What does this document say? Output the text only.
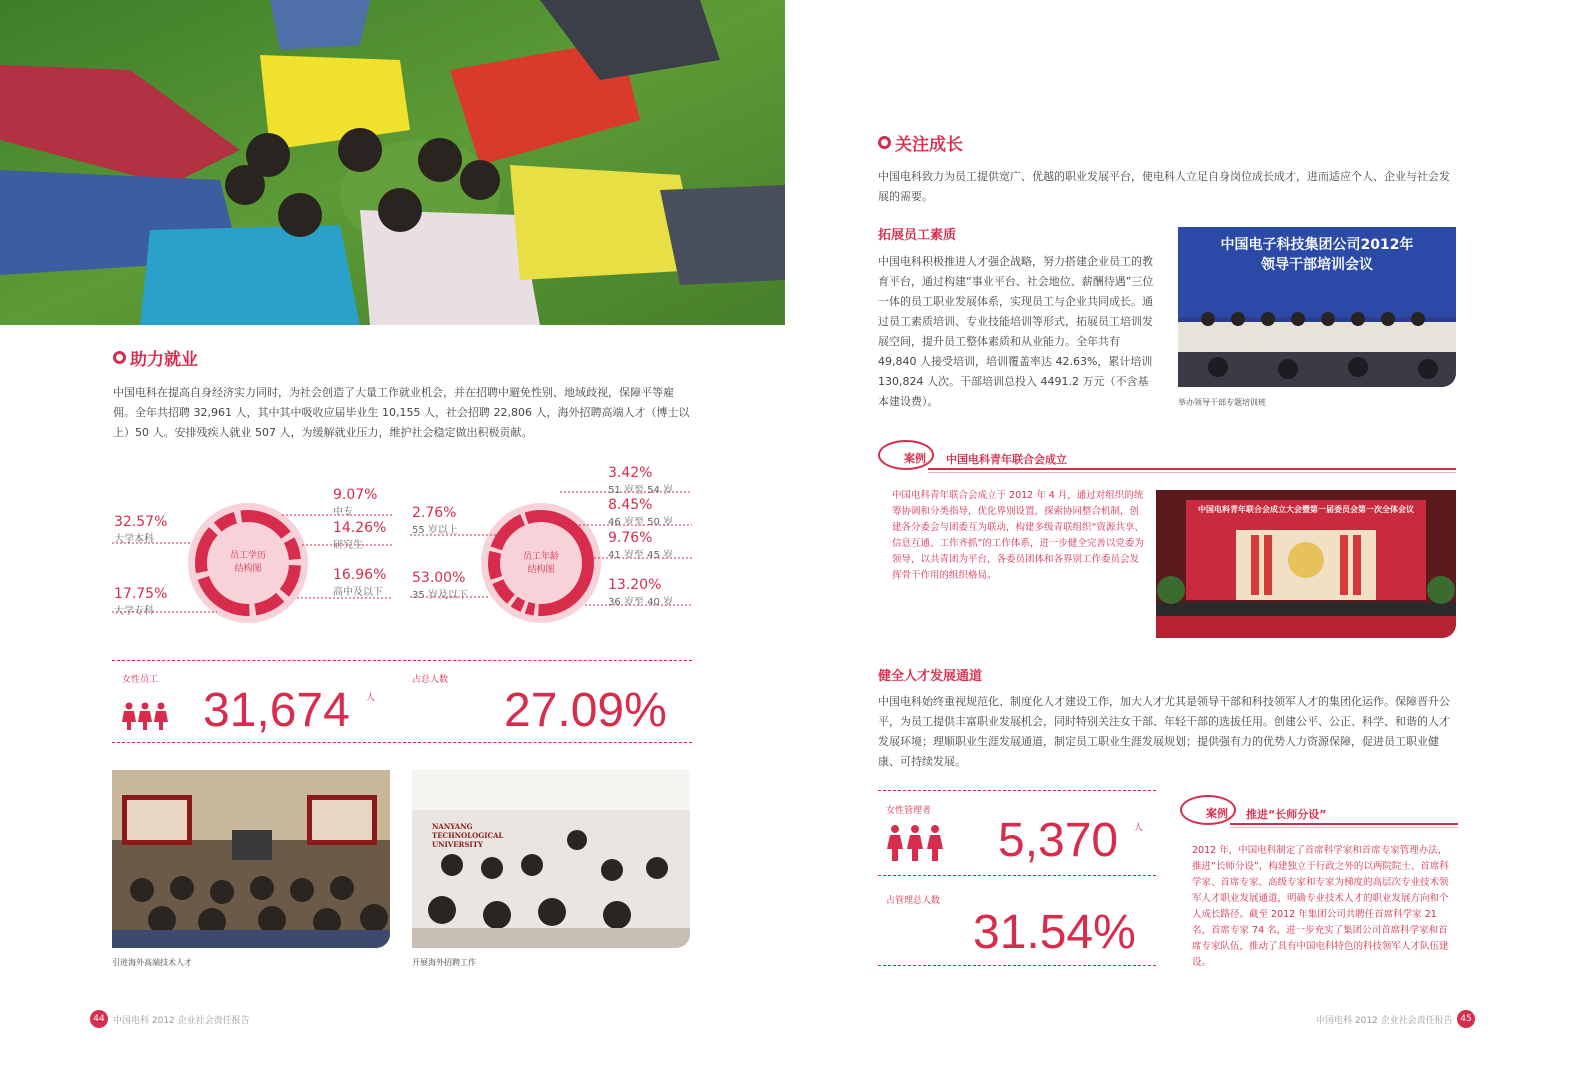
助力就业
中国电科在提高自身经济实力同时，为社会创造了大量工作就业机会，并在招聘中避免性别、地域歧视，保障平等雇佣。全年共招聘 32,961 人，其中其中吸收应届毕业生 10,155 人，社会招聘 22,806 人，海外招聘高端人才（博士以上）50 人。安排残疾人就业 507 人，为缓解就业压力，维护社会稳定做出积极贡献。
员工学历
结构图
32.57%
大学本科
17.75%
大学专科
9.07%
中专
14.26%
研究生
16.96%
高中及以下
员工年龄
结构图
2.76%
55 岁以上
53.00%
35 岁及以下
3.42%
51 岁至 54 岁
8.45%
46 岁至 50 岁
9.76%
41 岁至 45 岁
13.20%
36 岁至 40 岁
女性员工
31,674 人
占总人数
27.09%
引进海外高端技术人才
NANYANG TECHNOLOGICAL UNIVERSITY
开展海外招聘工作
44 中国电科 2012 企业社会责任报告
关注成长
中国电科致力为员工提供宽广、优越的职业发展平台，使电科人立足自身岗位成长成才，进而适应个人、企业与社会发展的需要。
拓展员工素质
中国电科积极推进人才强企战略，努力搭建企业员工的教育平台，通过构建“事业平台、社会地位、薪酬待遇”三位一体的员工职业发展体系，实现员工与企业共同成长。通过员工素质培训、专业技能培训等形式，拓展员工培训发展空间，提升员工整体素质和从业能力。全年共有 49,840 人接受培训，培训覆盖率达 42.63%，累计培训 130,824 人次。干部培训总投入 4491.2 万元（不含基本建设费）。
中国电子科技集团公司2012年
领导干部培训会议
举办领导干部专题培训班
案例 中国电科青年联合会成立
中国电科青年联合会成立于 2012 年 4 月，通过对组织的统筹协调和分类指导，优化界别设置，探索协同整合机制，创建各分委会与团委互为联动，构建多级青联组织“资源共享、信息互通、工作齐抓”的工作体系，进一步健全完善以党委为领导，以共青团为平台，各委员团体和各界别工作委员会发挥骨干作用的组织格局。
中国电科青年联合会成立大会暨第一届委员会第一次全体会议
健全人才发展通道
中国电科始终重视规范化、制度化人才建设工作，加大人才尤其是领导干部和科技领军人才的集团化运作。保障晋升公平，为员工提供丰富职业发展机会，同时特别关注女干部、年轻干部的选拔任用。创建公平、公正、科学、和谐的人才发展环境；理顺职业生涯发展通道，制定员工职业生涯发展规划；提供强有力的优势人力资源保障，促进员工职业健康、可持续发展。
女性管理者
5,370 人
占管理总人数
31.54%
案例 推进“长师分设”
2012 年，中国电科制定了首席科学家和首席专家管理办法，推进“长师分设”，构建独立于行政之外的以两院院士、首席科学家、首席专家、高级专家和专家为梯度的高层次专业技术领军人才职业发展通道，明确专业技术人才的职业发展方向和个人成长路径。截至 2012 年集团公司共聘任首席科学家 21 名，首席专家 74 名，进一步充实了集团公司首席科学家和首席专家队伍，推动了具有中国电科特色的科技领军人才队伍建设。
中国电科 2012 企业社会责任报告 45
